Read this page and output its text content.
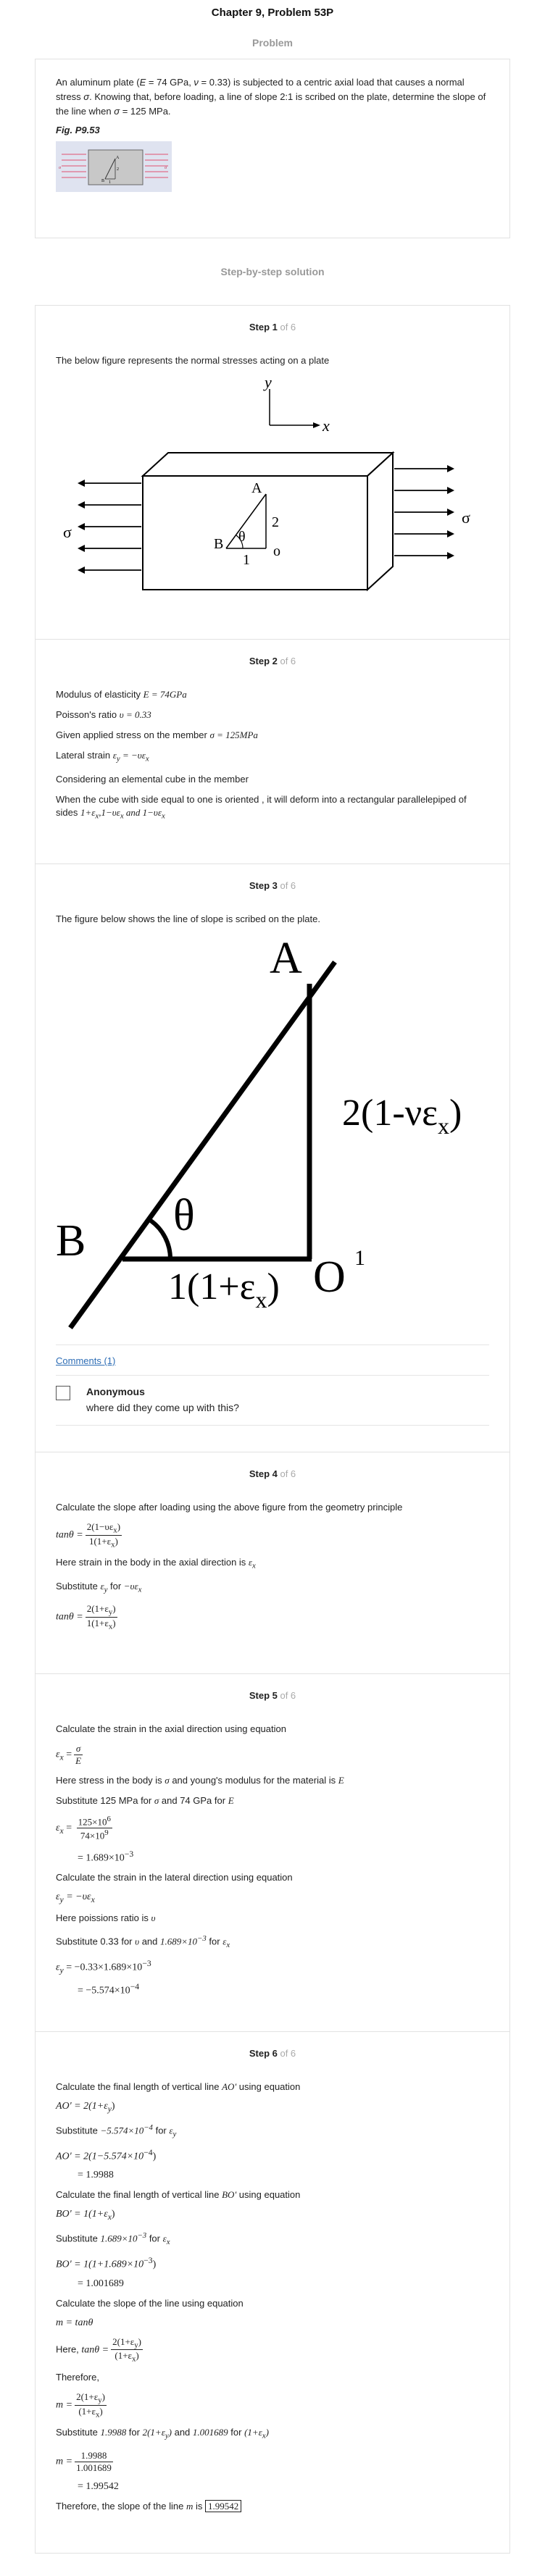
Chapter 9, Problem 53P
Problem
An aluminum plate (E = 74 GPa, ν = 0.33) is subjected to a centric axial load that causes a normal stress σ. Knowing that, before loading, a line of slope 2:1 is scribed on the plate, determine the slope of the line when σ = 125 MPa.
Fig. P9.53
σ	σ
A
B
2
1
Step-by-step solution
Step 1 of 6

The below figure represents the normal stresses acting on a plate

y
x
σ
σ
A
B θ
2
1
o
Step 2 of 6

Modulus of elasticity E = 74GPa

Poisson's ratio υ = 0.33

Given applied stress on the member σ = 125MPa

Lateral strain $\varepsilon_y = -\upsilon\varepsilon_x$

Considering an elemental cube in the member

When the cube with side equal to one is oriented , it will deform into a rectangular parallelepiped of sides $1+\varepsilon_x,1-\upsilon\varepsilon_x$ and $1-\upsilon\varepsilon_x$

Step 3 of 6

The figure below shows the line of slope is scribed on the plate.

A
B
θ
O 1
$2(1-\nu\varepsilon_x)$
$1(1+\varepsilon_x)$
Comments (1)
Anonymous
where did they come up with this?
Step 4 of 6

Calculate the slope after loading using the above figure from the geometry principle

$\tan\theta = \frac{2(1-\upsilon\varepsilon_x)}{1(1+\varepsilon_x)}$

Here strain in the body in the axial direction is $\varepsilon_x$

Substitute $\varepsilon_y$ for $-\upsilon\varepsilon_x$

$\tan\theta = \frac{2(1+\varepsilon_y)}{1(1+\varepsilon_x)}$
Step 5 of 6

Calculate the strain in the axial direction using equation

$\varepsilon_x = \frac{\sigma}{E}$

Here stress in the body is σ and young's modulus for the material is E

Substitute 125 MPa for σ and 74 GPa for E

$\varepsilon_x = \frac{125\times 10^6}{74\times 10^9}$
= $1.689\times 10^{-3}$

Calculate the strain in the lateral direction using equation

$\varepsilon_y = -\upsilon\varepsilon_x$

Here poissions ratio is υ

Substitute 0.33 for υ and $1.689\times 10^{-3}$ for $\varepsilon_x$

$\varepsilon_y = -0.33\times 1.689\times 10^{-3}$
= $-5.574\times 10^{-4}$
Step 6 of 6

Calculate the final length of vertical line AO' using equation

$AO' = 2(1+\varepsilon_y)$

Substitute $-5.574\times 10^{-4}$ for $\varepsilon_y$

$AO' = 2(1-5.574\times 10^{-4})$
= 1.9988

Calculate the final length of vertical line BO' using equation

$BO' = 1(1+\varepsilon_x)$

Substitute $1.689\times 10^{-3}$ for $\varepsilon_x$

$BO' = 1(1+1.689\times 10^{-3})$
= 1.001689

Calculate the slope of the line using equation

m = tanθ
Here, $\tan\theta = \frac{2(1+\varepsilon_y)}{(1+\varepsilon_x)}$

Therefore,

$m = \frac{2(1+\varepsilon_y)}{(1+\varepsilon_x)}$

Substitute 1.9988 for $2(1+\varepsilon_y)$ and 1.001689 for $(1+\varepsilon_x)$

$m = \frac{1.9988}{1.001689}$
= 1.99542

Therefore, the slope of the line m is 1.99542
